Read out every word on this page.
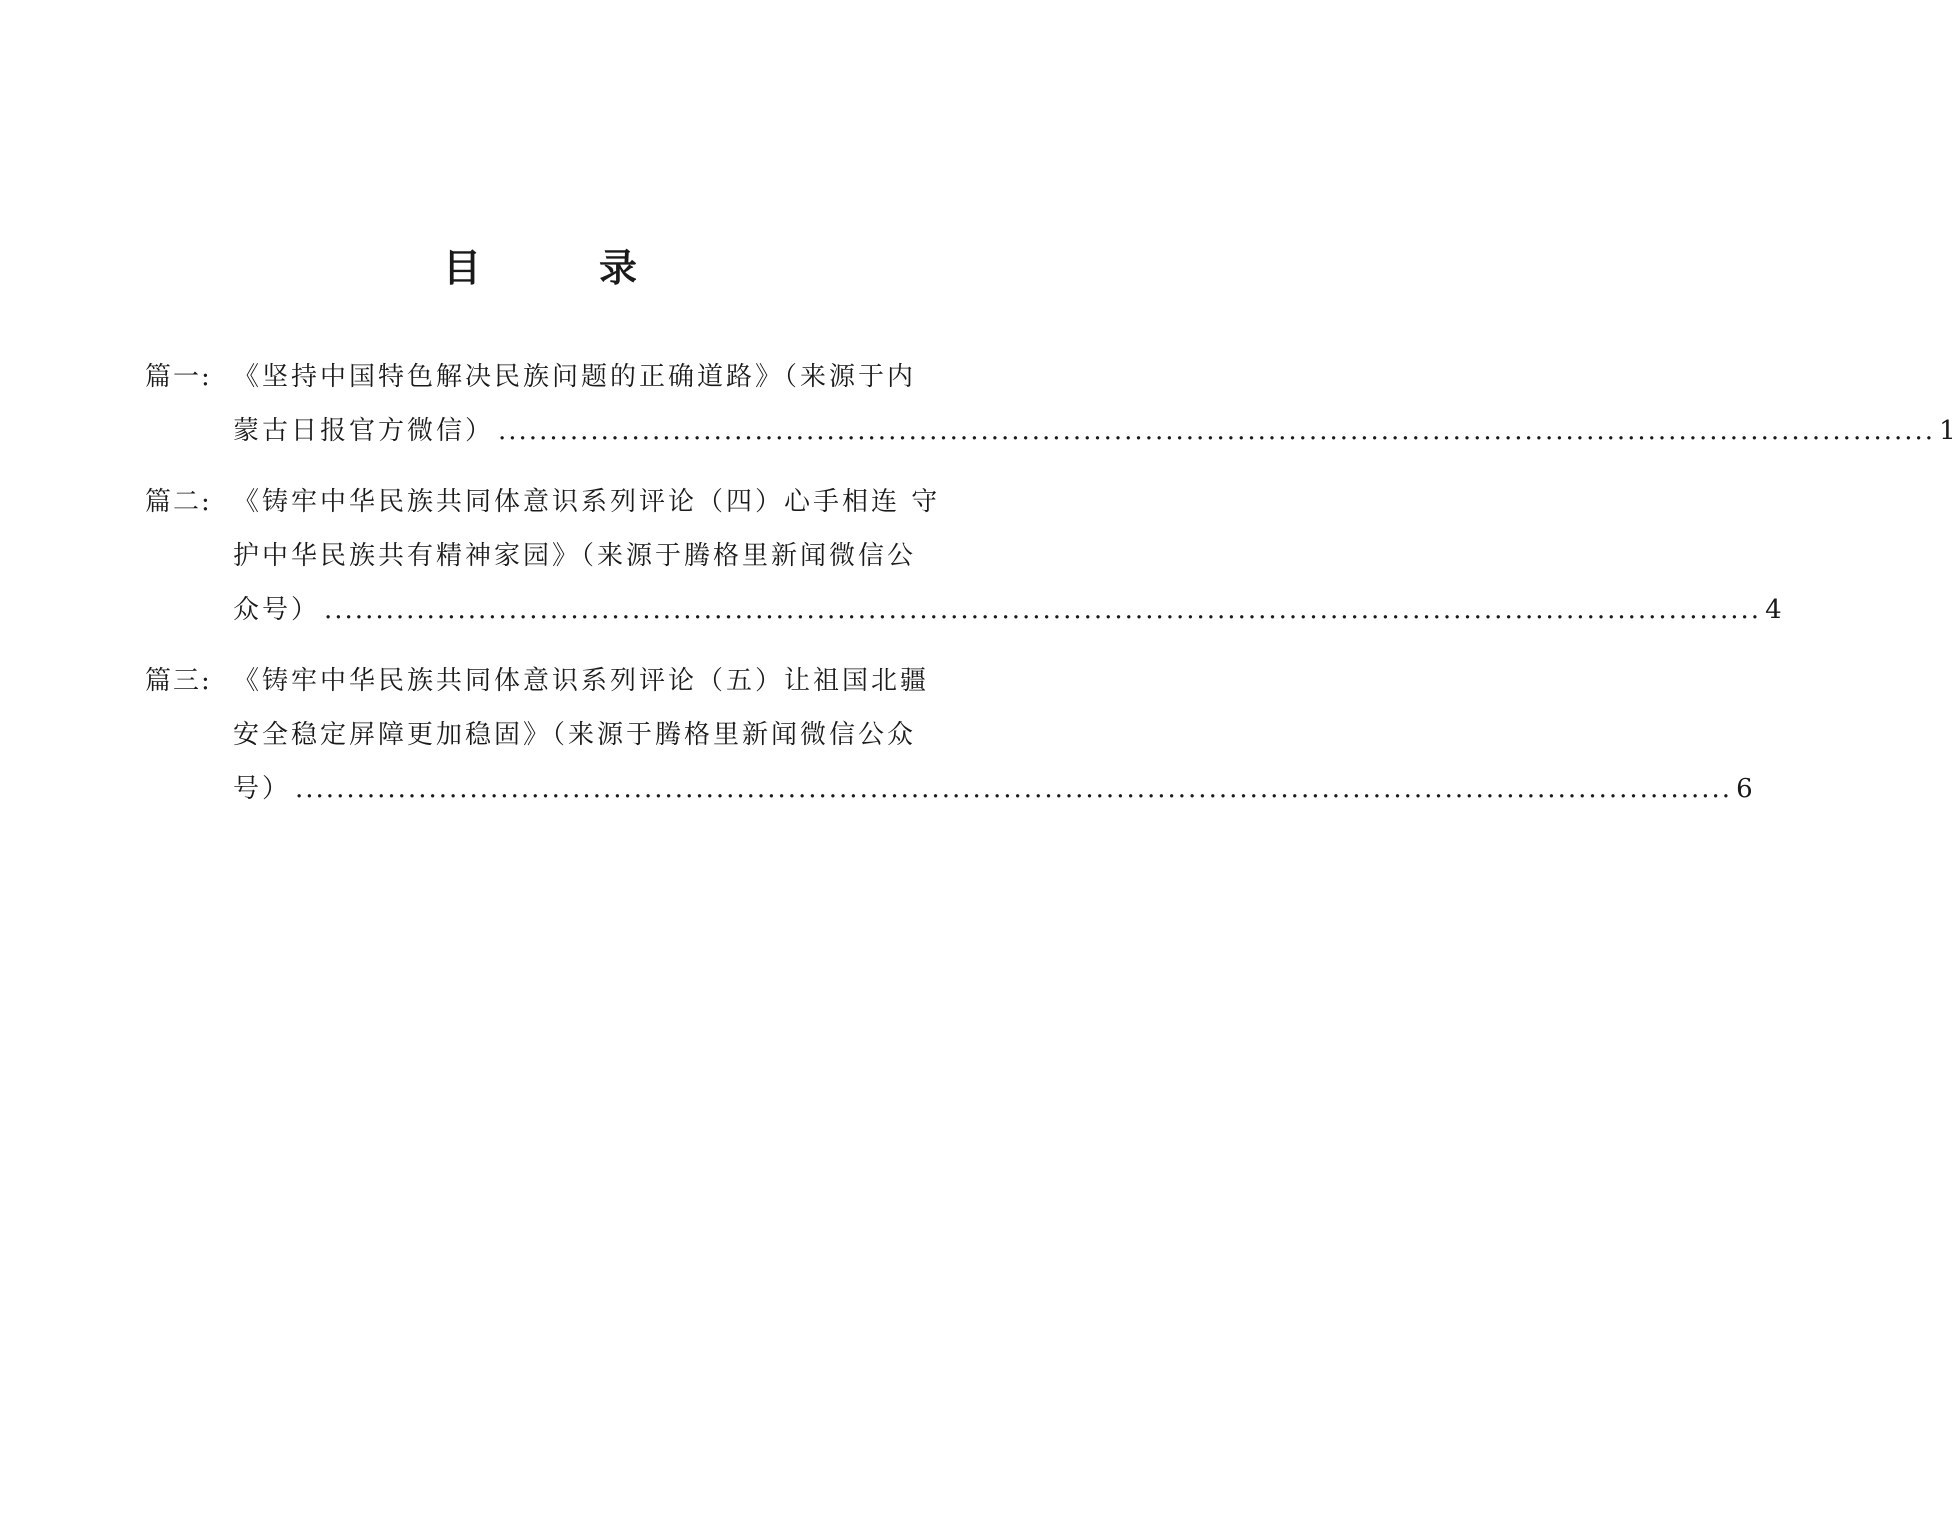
目　录
篇一: 《坚持中国特色解决民族问题的正确道路》（来源于内
蒙古日报官方微信） .....	1
篇二: 《铸牢中华民族共同体意识系列评论（四）心手相连 守
护中华民族共有精神家园》（来源于腾格里新闻微信公
众号） .....	4
篇三: 《铸牢中华民族共同体意识系列评论（五）让祖国北疆
安全稳定屏障更加稳固》（来源于腾格里新闻微信公众
号） .....	6
